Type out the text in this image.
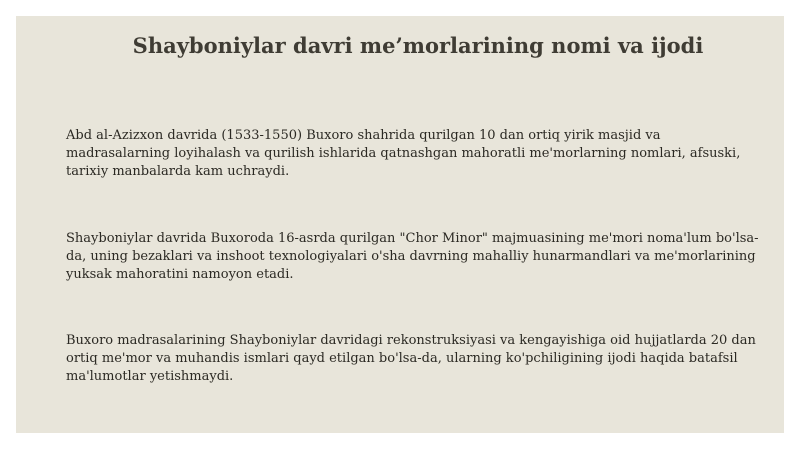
Shayboniylar davri me’morlarining nomi va ijodi

Abd al-Azizxon davrida (1533-1550) Buxoro shahrida qurilgan 10 dan ortiq yirik masjid va madrasalarning loyihalash va qurilish ishlarida qatnashgan mahoratli me'morlarning nomlari, afsuski, tarixiy manbalarda kam uchraydi.

Shayboniylar davrida Buxoroda 16-asrda qurilgan "Chor Minor" majmuasining me'mori noma'lum bo'lsa-da, uning bezaklari va inshoot texnologiyalari o'sha davrning mahalliy hunarmandlari va me'morlarining yuksak mahoratini namoyon etadi.

Buxoro madrasalarining Shayboniylar davridagi rekonstruksiyasi va kengayishiga oid hujjatlarda 20 dan ortiq me'mor va muhandis ismlari qayd etilgan bo'lsa-da, ularning ko'pchiligining ijodi haqida batafsil ma'lumotlar yetishmaydi.
